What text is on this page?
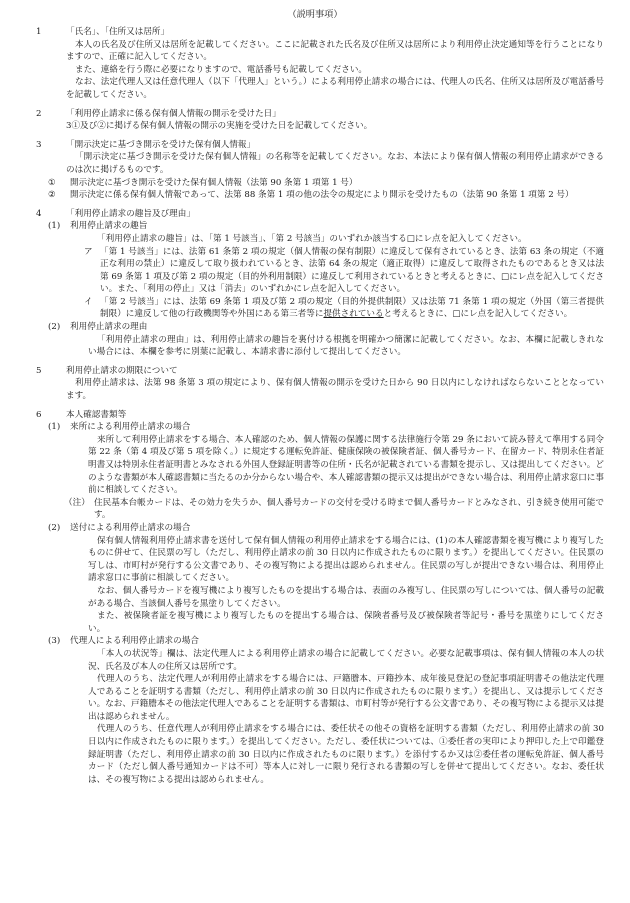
（説明事項）
1	「氏名」、「住所又は居所」

本人の氏名及び住所又は居所を記載してください。ここに記載された氏名及び住所又は居所により利用停止決定通知等を行うことになりますので、正確に記入してください。

また、連絡を行う際に必要になりますので、電話番号も記載してください。

なお、法定代理人又は任意代理人（以下「代理人」という。）による利用停止請求の場合には、代理人の氏名、住所又は居所及び電話番号を記載してください。

2	「利用停止請求に係る保有個人情報の開示を受けた日」

3①及び②に掲げる保有個人情報の開示の実施を受けた日を記載してください。

3	「開示決定に基づき開示を受けた保有個人情報」

「開示決定に基づき開示を受けた保有個人情報」の名称等を記載してください。なお、本法により保有個人情報の利用停止請求ができるのは次に掲げるものです。

①	開示決定に基づき開示を受けた保有個人情報（法第 90 条第 1 項第 1 号）
②	開示決定に係る保有個人情報であって、法第 88 条第 1 項の他の法令の規定により開示を受けたもの（法第 90 条第 1 項第 2 号）
4	「利用停止請求の趣旨及び理由」
(1)	利用停止請求の趣旨

「利用停止請求の趣旨」は、「第 1 号該当」、「第 2 号該当」のいずれか該当する□にレ点を記入してください。

ア 「第 1 号該当」には、法第 61 条第 2 項の規定（個人情報の保有制限）に違反して保有されているとき、法第 63 条の規定（不適正な利用の禁止）に違反して取り扱われているとき、法第 64 条の規定（適正取得）に違反して取得されたものであるとき又は法第 69 条第 1 項及び第 2 項の規定（目的外利用制限）に違反して利用されているときと考えるときに、□にレ点を記入してください。また、「利用の停止」又は「消去」のいずれかにレ点を記入してください。
イ 「第 2 号該当」には、法第 69 条第 1 項及び第 2 項の規定（目的外提供制限）又は法第 71 条第 1 項の規定（外国（第三者提供制限）に違反して他の行政機関等や外国にある第三者等に提供されていると考えるときに、□にレ点を記入してください。
(2)	利用停止請求の理由

「利用停止請求の理由」は、利用停止請求の趣旨を裏付ける根拠を明確かつ簡潔に記載してください。なお、本欄に記載しきれない場合には、本欄を参考に別葉に記載し、本請求書に添付して提出してください。

5	利用停止請求の期限について

利用停止請求は、法第 98 条第 3 項の規定により、保有個人情報の開示を受けた日から 90 日以内にしなければならないこととなっています。

6	本人確認書類等
(1)	来所による利用停止請求の場合

来所して利用停止請求をする場合、本人確認のため、個人情報の保護に関する法律施行令第 29 条において読み替えて準用する同令第 22 条（第 4 項及び第 5 項を除く。）に規定する運転免許証、健康保険の被保険者証、個人番号カード、在留カード、特別永住者証明書又は特別永住者証明書とみなされる外国人登録証明書等の住所・氏名が記載されている書類を提示し、又は提出してください。どのような書類が本人確認書類に当たるのか分からない場合や、本人確認書類の提示又は提出ができない場合は、利用停止請求窓口に事前に相談してください。

（注） 住民基本台帳カードは、その効力を失うか、個人番号カードの交付を受ける時まで個人番号カードとみなされ、引き続き使用可能です。
(2)	送付による利用停止請求の場合

保有個人情報利用停止請求書を送付して保有個人情報の利用停止請求をする場合には、(1)の本人確認書類を複写機により複写したものに併せて、住民票の写し（ただし、利用停止請求の前 30 日以内に作成されたものに限ります。）を提出してください。住民票の写しは、市町村が発行する公文書であり、その複写物による提出は認められません。住民票の写しが提出できない場合は、利用停止請求窓口に事前に相談してください。

なお、個人番号カードを複写機により複写したものを提出する場合は、表面のみ複写し、住民票の写しについては、個人番号の記載がある場合、当該個人番号を黒塗りしてください。

また、被保険者証を複写機により複写したものを提出する場合は、保険者番号及び被保険者等記号・番号を黒塗りにしてください。

(3)	代理人による利用停止請求の場合

「本人の状況等」欄は、法定代理人による利用停止請求の場合に記載してください。必要な記載事項は、保有個人情報の本人の状況、氏名及び本人の住所又は居所です。

代理人のうち、法定代理人が利用停止請求をする場合には、戸籍謄本、戸籍抄本、成年後見登記の登記事項証明書その他法定代理人であることを証明する書類（ただし、利用停止請求の前 30 日以内に作成されたものに限ります。）を提出し、又は提示してください。なお、戸籍謄本その他法定代理人であることを証明する書類は、市町村等が発行する公文書であり、その複写物による提示又は提出は認められません。

代理人のうち、任意代理人が利用停止請求をする場合には、委任状その他その資格を証明する書類（ただし、利用停止請求の前 30 日以内に作成されたものに限ります。）を提出してください。ただし、委任状については、①委任者の実印により押印した上で印鑑登録証明書（ただし、利用停止請求の前 30 日以内に作成されたものに限ります。）を添付するか又は②委任者の運転免許証、個人番号カード（ただし個人番号通知カードは不可）等本人に対し一に限り発行される書類の写しを併せて提出してください。なお、委任状は、その複写物による提出は認められません。
